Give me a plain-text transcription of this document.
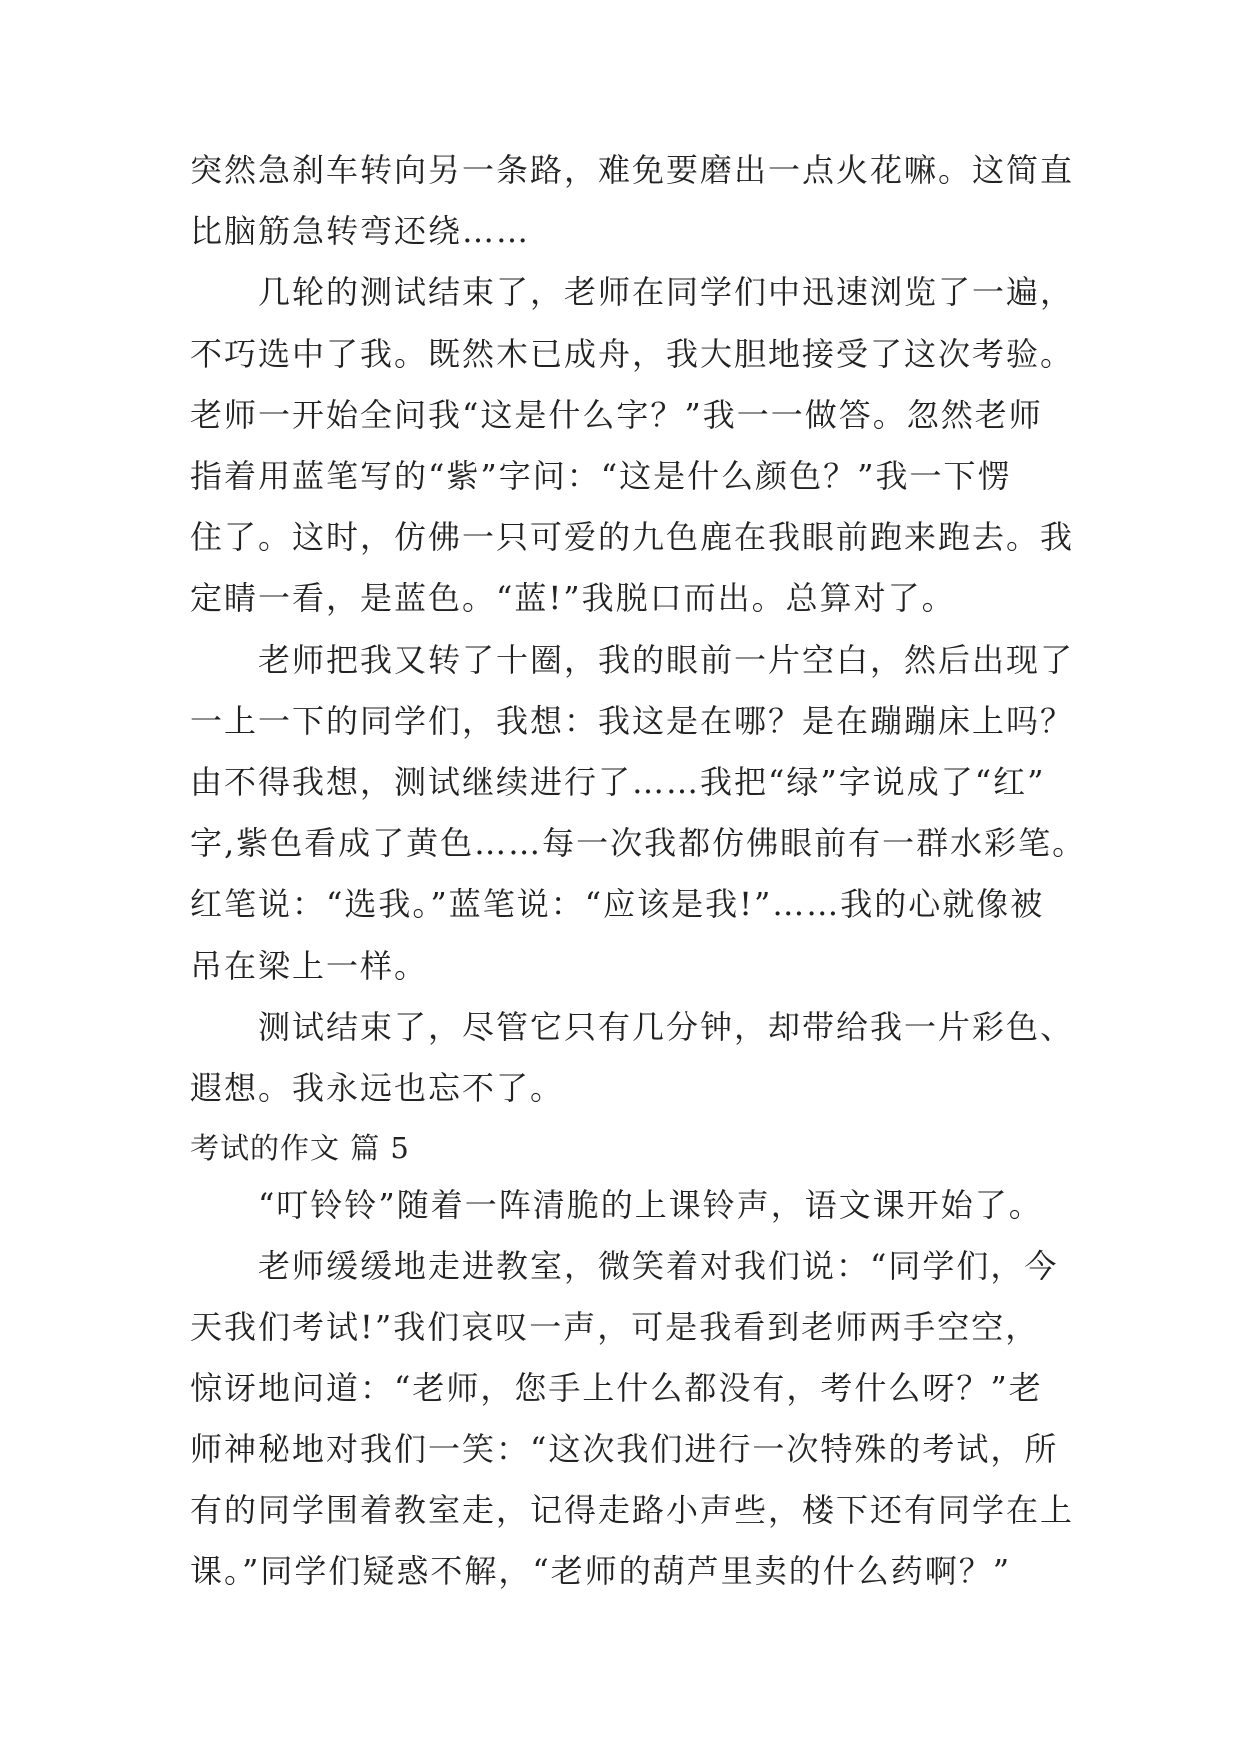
突然急刹车转向另一条路，难免要磨出一点火花嘛。这简直
比脑筋急转弯还绕……
　　几轮的测试结束了，老师在同学们中迅速浏览了一遍，
不巧选中了我。既然木已成舟，我大胆地接受了这次考验。
老师一开始全问我“这是什么字？”我一一做答。忽然老师
指着用蓝笔写的“紫”字问：“这是什么颜色？”我一下愣
住了。这时，仿佛一只可爱的九色鹿在我眼前跑来跑去。我
定睛一看，是蓝色。“蓝!”我脱口而出。总算对了。
　　老师把我又转了十圈，我的眼前一片空白，然后出现了
一上一下的同学们，我想：我这是在哪？是在蹦蹦床上吗？
由不得我想，测试继续进行了……我把“绿”字说成了“红”
字,紫色看成了黄色……每一次我都仿佛眼前有一群水彩笔。
红笔说：“选我。”蓝笔说：“应该是我!”……我的心就像被
吊在梁上一样。
　　测试结束了，尽管它只有几分钟，却带给我一片彩色、
遐想。我永远也忘不了。
考试的作文 篇 5
　　“叮铃铃”随着一阵清脆的上课铃声，语文课开始了。
　　老师缓缓地走进教室，微笑着对我们说：“同学们，今
天我们考试!”我们哀叹一声，可是我看到老师两手空空，
惊讶地问道：“老师，您手上什么都没有，考什么呀？”老
师神秘地对我们一笑：“这次我们进行一次特殊的考试，所
有的同学围着教室走，记得走路小声些，楼下还有同学在上
课。”同学们疑惑不解，“老师的葫芦里卖的什么药啊？”
